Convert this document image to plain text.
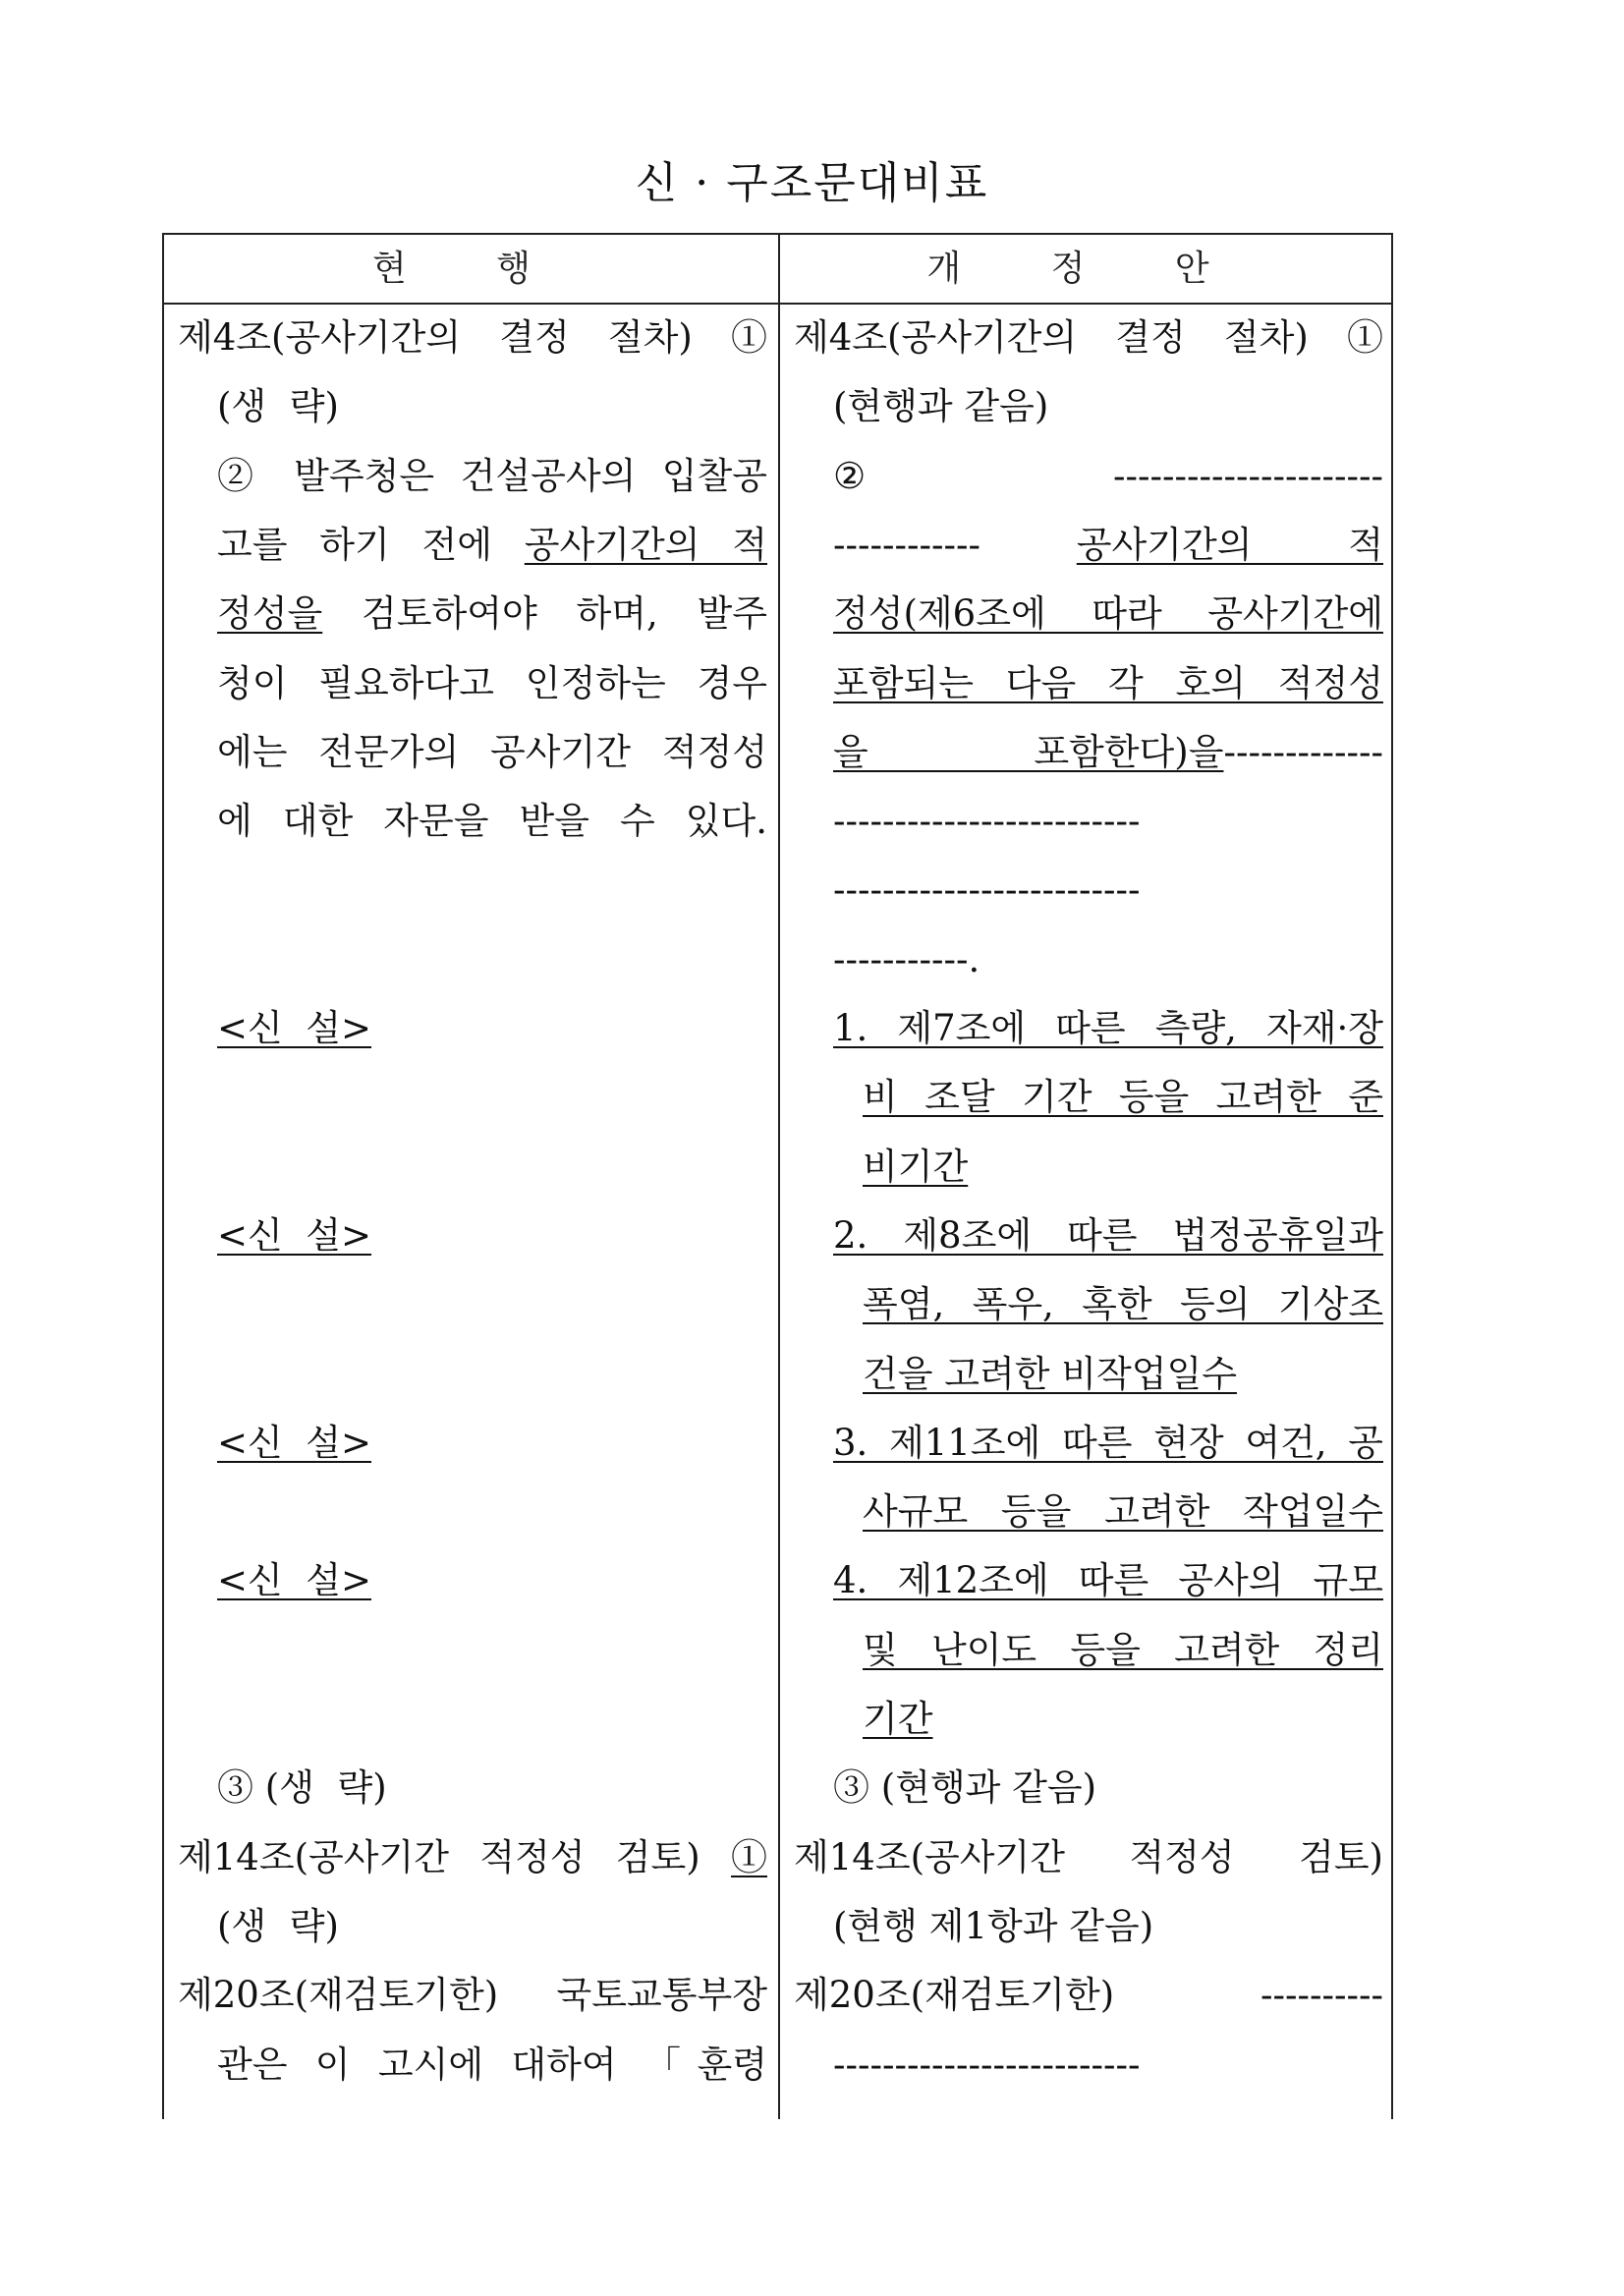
신 · 구조문대비표
현 행	개 정 안
제4조(공사기간의 결정 절차) ①
(생  략)
② 발주청은 건설공사의 입찰공
고를 하기 전에 공사기간의 적
정성을 검토하여야 하며, 발주
청이 필요하다고 인정하는 경우
에는 전문가의 공사기간 적정성
에 대한 자문을 받을 수 있다.
<신  설>
<신  설>
<신  설>
<신  설>
③ (생  략)
제14조(공사기간 적정성 검토) ①
(생  략)
제20조(재검토기한) 국토교통부장
관은 이 고시에 대하여 「훈령
제4조(공사기간의 결정 절차) ①
(현행과 같음)
② ----------------------
------------ 공사기간의 적
정성(제6조에 따라 공사기간에
포함되는 다음 각 호의 적정성
을 포함한다)을-------------
-------------------------
-------------------------
-----------.
1. 제7조에 따른 측량, 자재·장
비 조달 기간 등을 고려한 준
비기간
2. 제8조에 따른 법정공휴일과
폭염, 폭우, 혹한 등의 기상조
건을 고려한 비작업일수
3. 제11조에 따른 현장 여건, 공
사규모 등을 고려한 작업일수
4. 제12조에 따른 공사의 규모
및 난이도 등을 고려한 정리
기간
③ (현행과 같음)
제14조(공사기간 적정성 검토)
(현행 제1항과 같음)
제20조(재검토기한) ----------
-------------------------
